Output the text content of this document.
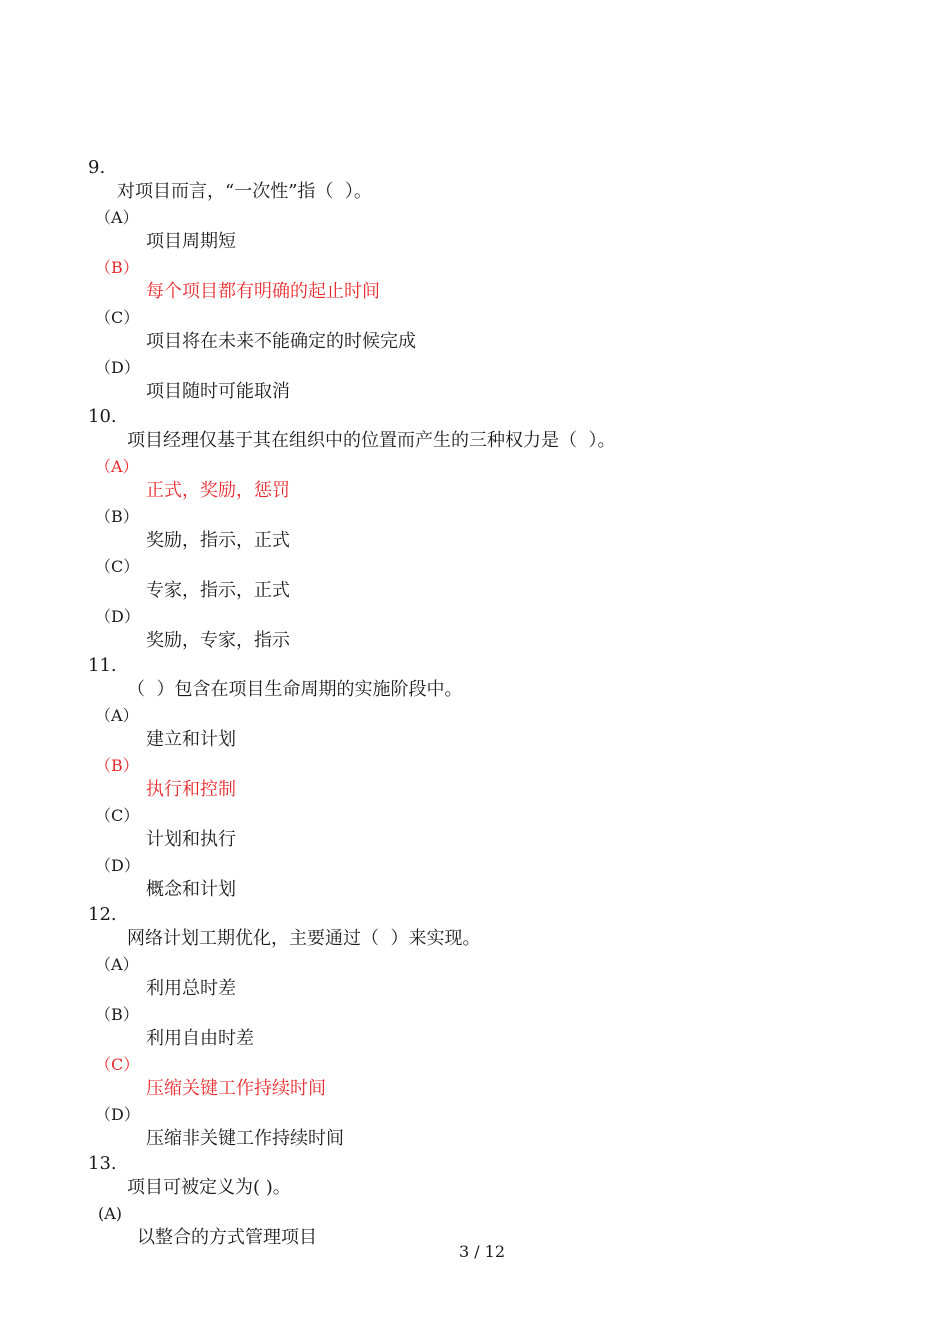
9.

对项目而言，“一次性”指（  ）。

（A）

项目周期短

（B）

每个项目都有明确的起止时间

（C）

项目将在未来不能确定的时候完成

（D）

项目随时可能取消

10.

项目经理仅基于其在组织中的位置而产生的三种权力是（  ）。

（A）

正式，奖励，惩罚

（B）

奖励，指示，正式

（C）

专家，指示，正式

（D）

奖励，专家，指示

11.

（  ）包含在项目生命周期的实施阶段中。

（A）

建立和计划

（B）

执行和控制

（C）

计划和执行

（D）

概念和计划

12.

网络计划工期优化，主要通过（  ）来实现。

（A）

利用总时差

（B）

利用自由时差

（C）

压缩关键工作持续时间

（D）

压缩非关键工作持续时间

13.

项目可被定义为( )。

(A)

以整合的方式管理项目

3 / 12
